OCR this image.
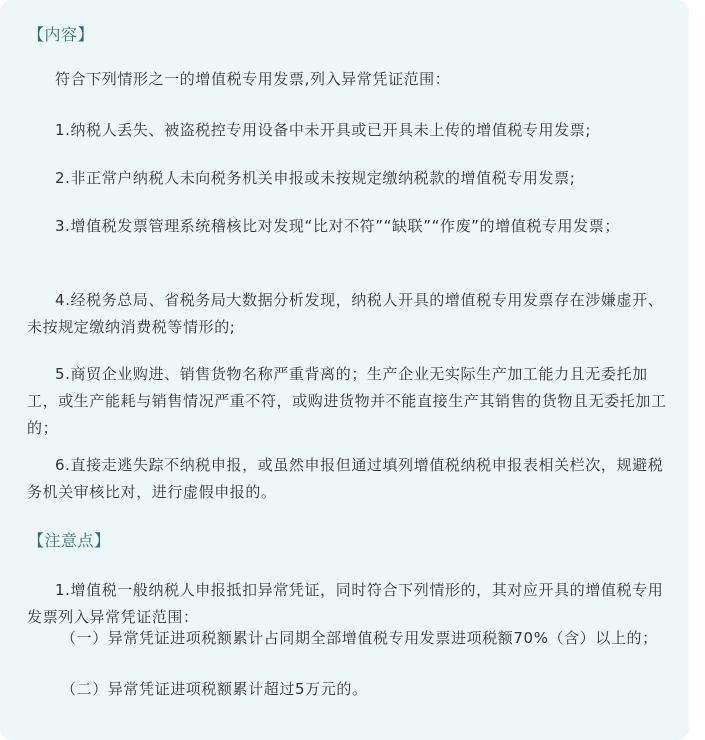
【内容】

符合下列情形之一的增值税专用发票,列入异常凭证范围：

1.纳税人丢失、被盗税控专用设备中未开具或已开具未上传的增值税专用发票;

2.非正常户纳税人未向税务机关申报或未按规定缴纳税款的增值税专用发票;

3.增值税发票管理系统稽核比对发现“比对不符”“缺联”“作废”的增值税专用发票；

4.经税务总局、省税务局大数据分析发现，纳税人开具的增值税专用发票存在涉嫌虚开、未按规定缴纳消费税等情形的;

5.商贸企业购进、销售货物名称严重背离的；生产企业无实际生产加工能力且无委托加工，或生产能耗与销售情况严重不符，或购进货物并不能直接生产其销售的货物且无委托加工的；

6.直接走逃失踪不纳税申报，或虽然申报但通过填列增值税纳税申报表相关栏次，规避税务机关审核比对，进行虚假申报的。

【注意点】

1.增值税一般纳税人申报抵扣异常凭证，同时符合下列情形的，其对应开具的增值税专用发票列入异常凭证范围：

（一）异常凭证进项税额累计占同期全部增值税专用发票进项税额70%（含）以上的；

（二）异常凭证进项税额累计超过5万元的。
